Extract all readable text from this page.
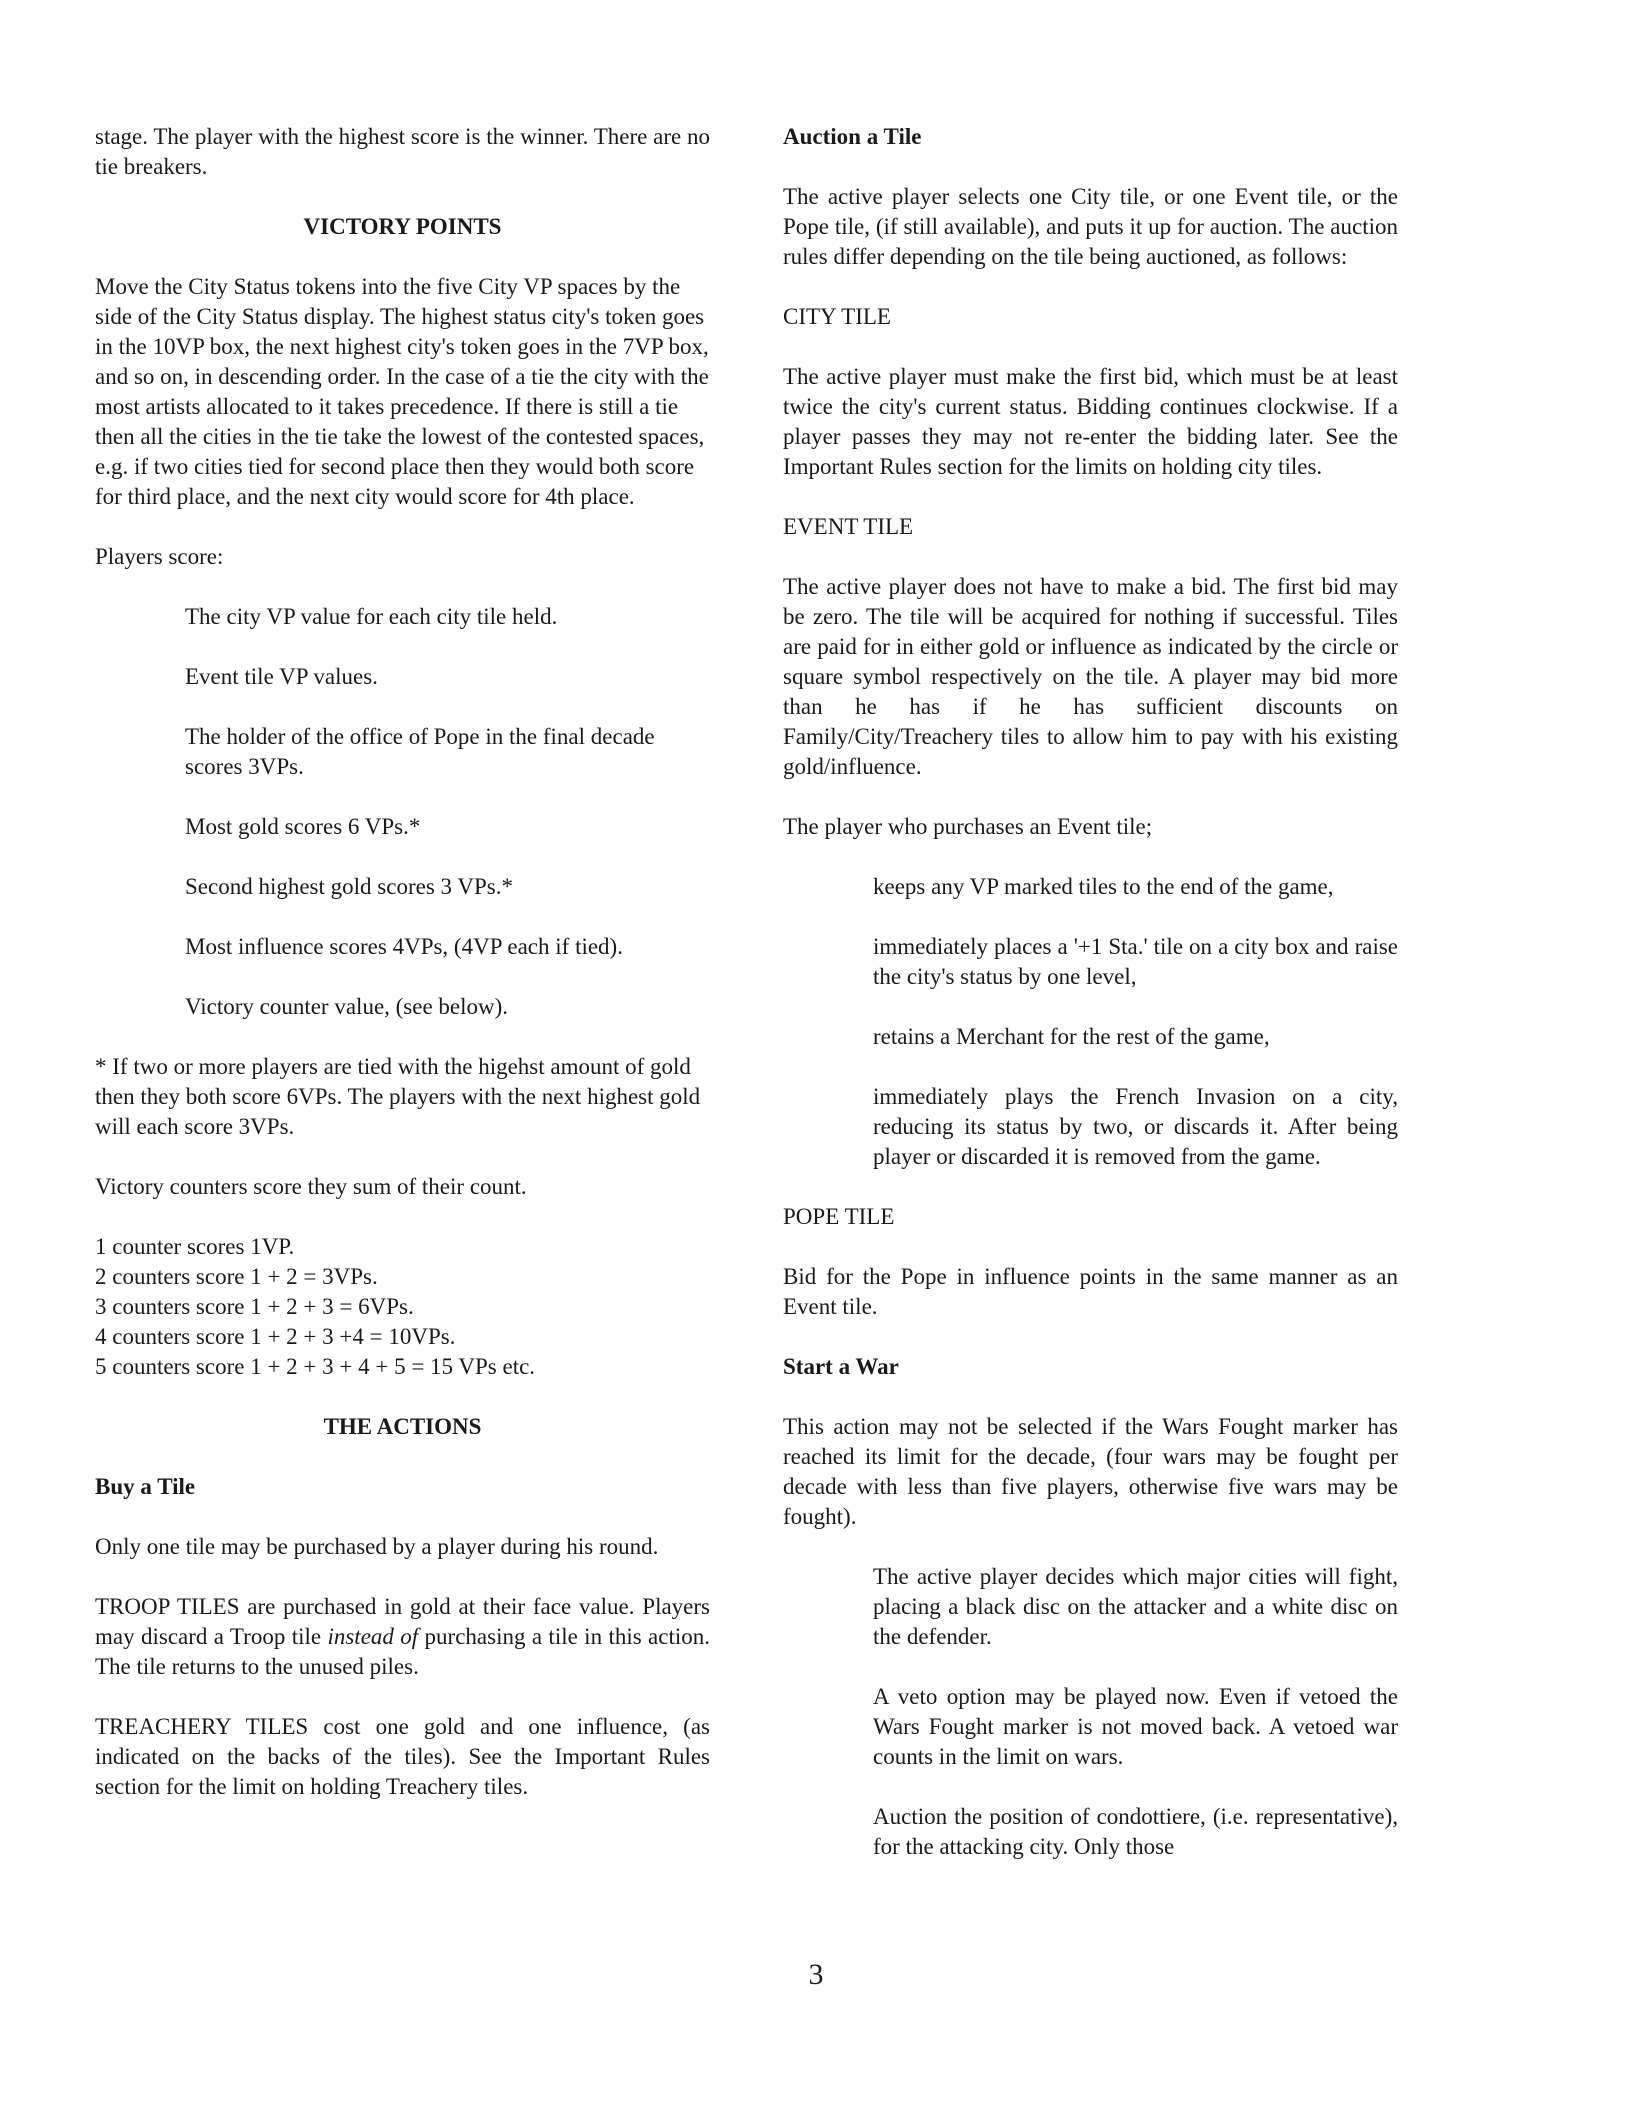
stage. The player with the highest score is the winner. There are no tie breakers.

VICTORY POINTS

Move the City Status tokens into the five City VP spaces by the side of the City Status display. The highest status city's token goes in the 10VP box, the next highest city's token goes in the 7VP box, and so on, in descending order. In the case of a tie the city with the most artists allocated to it takes precedence. If there is still a tie then all the cities in the tie take the lowest of the contested spaces, e.g. if two cities tied for second place then they would both score for third place, and the next city would score for 4th place.

Players score:

The city VP value for each city tile held.

Event tile VP values.

The holder of the office of Pope in the final decade scores 3VPs.

Most gold scores 6 VPs.*

Second highest gold scores 3 VPs.*

Most influence scores 4VPs, (4VP each if tied).

Victory counter value, (see below).

* If two or more players are tied with the higehst amount of gold then they both score 6VPs. The players with the next highest gold will each score 3VPs.

Victory counters score they sum of their count.

1 counter scores 1VP.
2 counters score 1 + 2 = 3VPs.
3 counters score 1 + 2 + 3 = 6VPs.
4 counters score 1 + 2 + 3 +4 = 10VPs.
5 counters score 1 + 2 + 3 + 4 + 5 = 15 VPs etc.
THE ACTIONS
Buy a Tile

Only one tile may be purchased by a player during his round.

TROOP TILES are purchased in gold at their face value. Players may discard a Troop tile instead of purchasing a tile in this action. The tile returns to the unused piles.

TREACHERY TILES cost one gold and one influence, (as indicated on the backs of the tiles). See the Important Rules section for the limit on holding Treachery tiles.

Auction a Tile

The active player selects one City tile, or one Event tile, or the Pope tile, (if still available), and puts it up for auction. The auction rules differ depending on the tile being auctioned, as follows:

CITY TILE

The active player must make the first bid, which must be at least twice the city's current status. Bidding continues clockwise. If a player passes they may not re-enter the bidding later. See the Important Rules section for the limits on holding city tiles.

EVENT TILE

The active player does not have to make a bid. The first bid may be zero. The tile will be acquired for nothing if successful. Tiles are paid for in either gold or influence as indicated by the circle or square symbol respectively on the tile. A player may bid more than he has if he has sufficient discounts on Family/City/Treachery tiles to allow him to pay with his existing gold/influence.

The player who purchases an Event tile;

keeps any VP marked tiles to the end of the game,

immediately places a '+1 Sta.' tile on a city box and raise the city's status by one level,

retains a Merchant for the rest of the game,

immediately plays the French Invasion on a city, reducing its status by two, or discards it. After being player or discarded it is removed from the game.

POPE TILE

Bid for the Pope in influence points in the same manner as an Event tile.

Start a War

This action may not be selected if the Wars Fought marker has reached its limit for the decade, (four wars may be fought per decade with less than five players, otherwise five wars may be fought).

The active player decides which major cities will fight, placing a black disc on the attacker and a white disc on the defender.

A veto option may be played now. Even if vetoed the Wars Fought marker is not moved back. A vetoed war counts in the limit on wars.

Auction the position of condottiere, (i.e. representative), for the attacking city. Only those

3
